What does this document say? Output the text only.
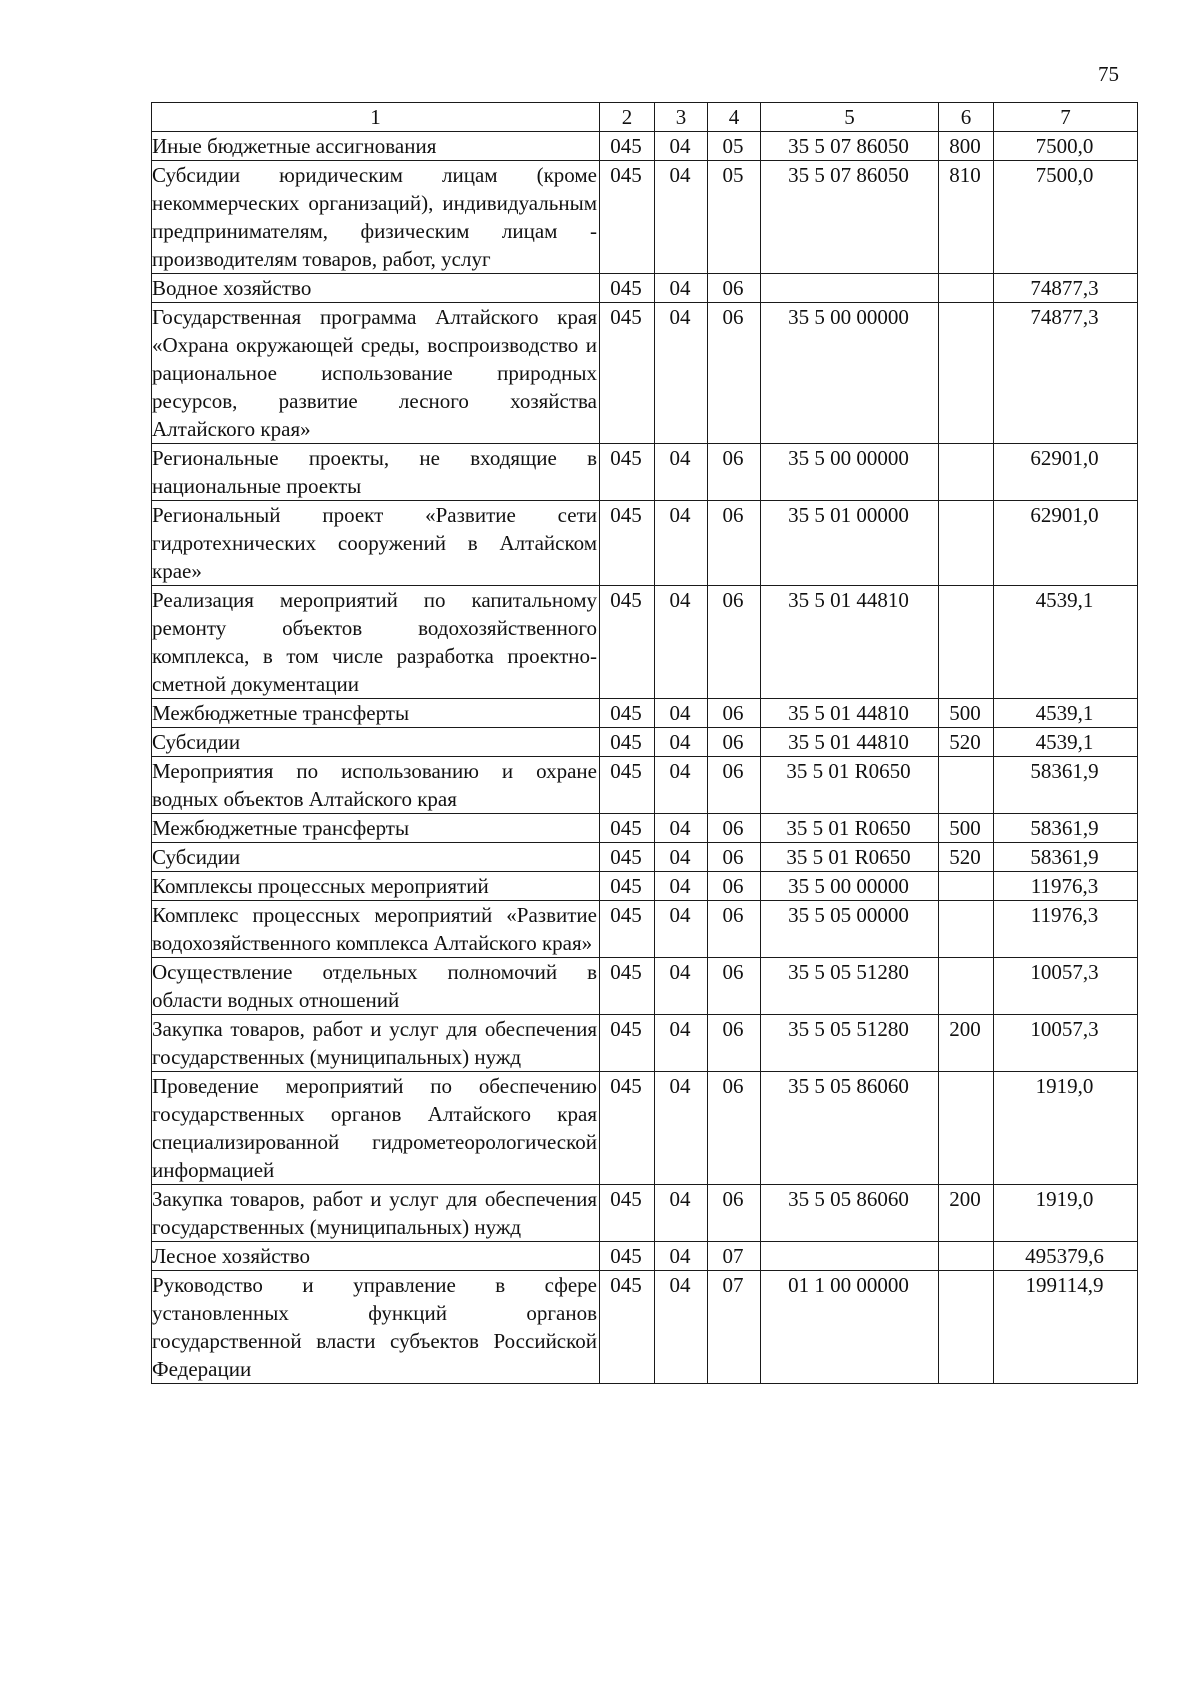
75
1	2	3	4	5	6	7
Иные бюджетные ассигнования	045	04	05	35 5 07 86050	800	7500,0
Субсидии юридическим лицам (кроме некоммерческих организаций), индивидуальным предпринимателям, физическим лицам - производителям товаров, работ, услуг	045	04	05	35 5 07 86050	810	7500,0
Водное хозяйство	045	04	06			74877,3
Государственная программа Алтайского края «Охрана окружающей среды, воспроизводство и рациональное использование природных ресурсов, развитие лесного хозяйства Алтайского края»	045	04	06	35 5 00 00000		74877,3
Региональные проекты, не входящие в национальные проекты	045	04	06	35 5 00 00000		62901,0
Региональный проект «Развитие сети гидротехнических сооружений в Алтайском крае»	045	04	06	35 5 01 00000		62901,0
Реализация мероприятий по капитальному ремонту объектов водохозяйственного комплекса, в том числе разработка проектно-сметной документации	045	04	06	35 5 01 44810		4539,1
Межбюджетные трансферты	045	04	06	35 5 01 44810	500	4539,1
Субсидии	045	04	06	35 5 01 44810	520	4539,1
Мероприятия по использованию и охране водных объектов Алтайского края	045	04	06	35 5 01 R0650		58361,9
Межбюджетные трансферты	045	04	06	35 5 01 R0650	500	58361,9
Субсидии	045	04	06	35 5 01 R0650	520	58361,9
Комплексы процессных мероприятий	045	04	06	35 5 00 00000		11976,3
Комплекс процессных мероприятий «Развитие водохозяйственного комплекса Алтайского края»	045	04	06	35 5 05 00000		11976,3
Осуществление отдельных полномочий в области водных отношений	045	04	06	35 5 05 51280		10057,3
Закупка товаров, работ и услуг для обеспечения государственных (муниципальных) нужд	045	04	06	35 5 05 51280	200	10057,3
Проведение мероприятий по обеспечению государственных органов Алтайского края специализированной гидрометеорологической информацией	045	04	06	35 5 05 86060		1919,0
Закупка товаров, работ и услуг для обеспечения государственных (муниципальных) нужд	045	04	06	35 5 05 86060	200	1919,0
Лесное хозяйство	045	04	07			495379,6
Руководство и управление в сфере установленных функций органов государственной власти субъектов Российской Федерации	045	04	07	01 1 00 00000		199114,9
